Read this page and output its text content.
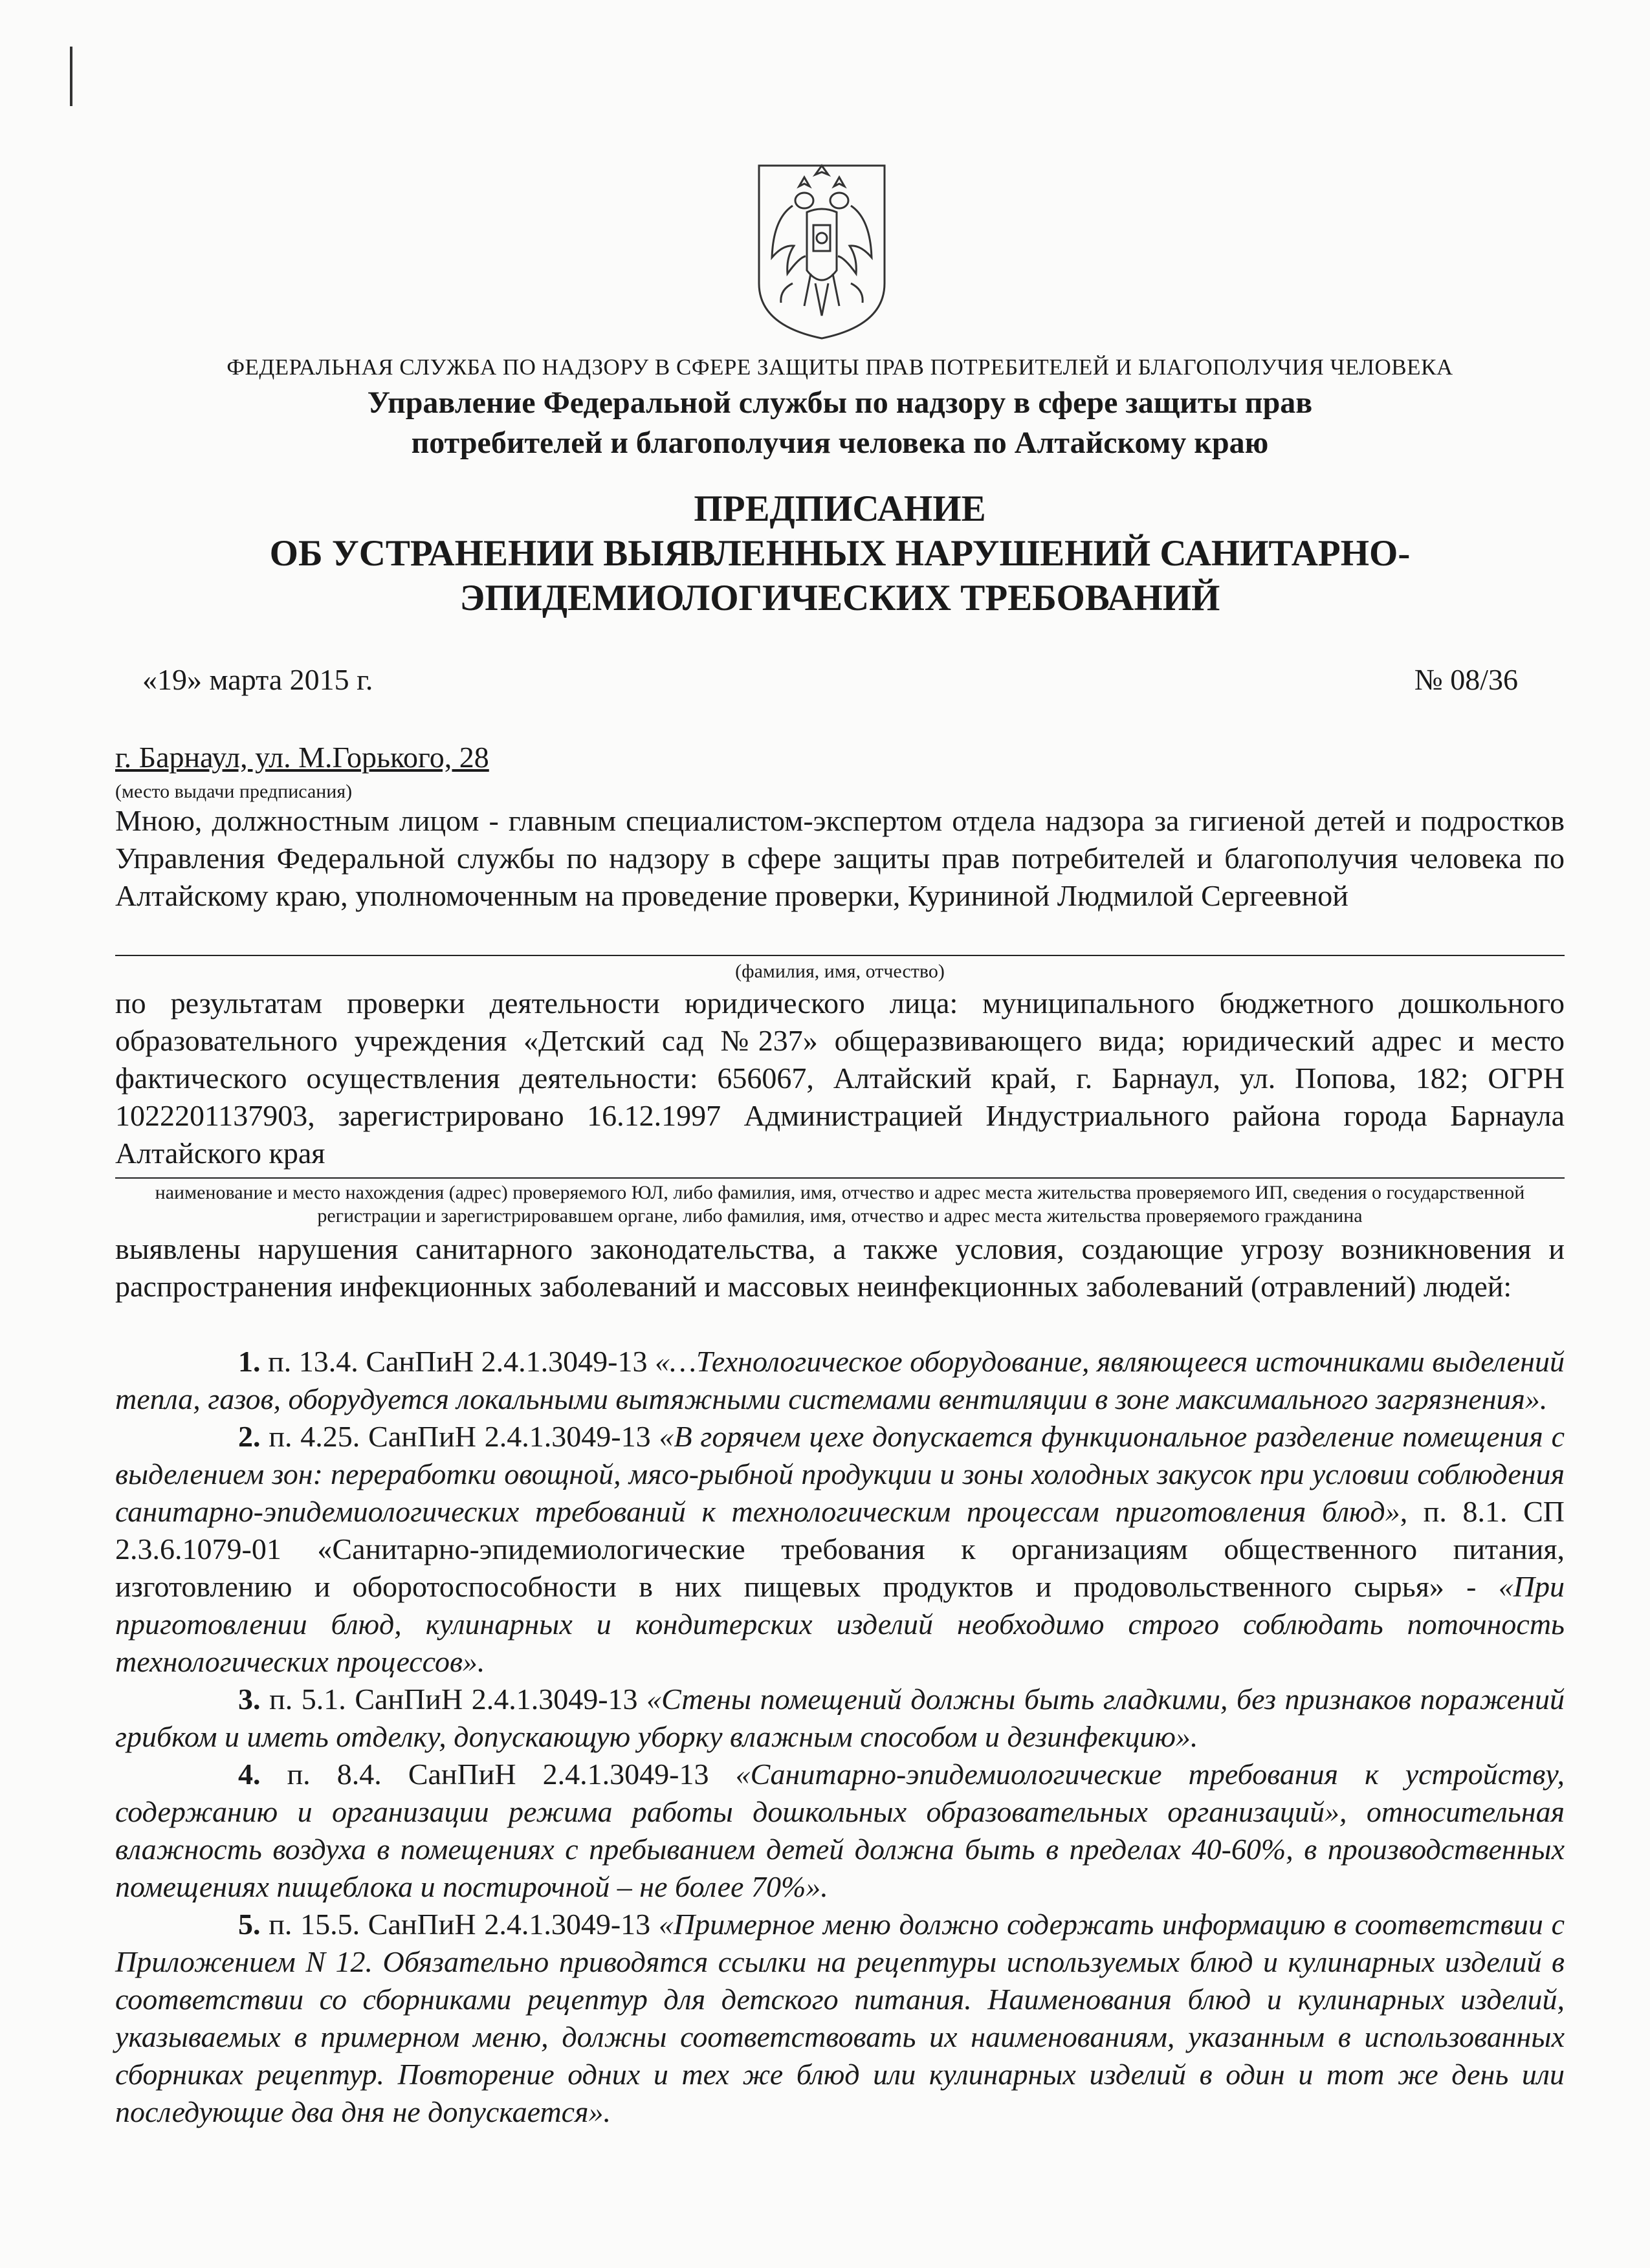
ФЕДЕРАЛЬНАЯ СЛУЖБА ПО НАДЗОРУ В СФЕРЕ ЗАЩИТЫ ПРАВ ПОТРЕБИТЕЛЕЙ И БЛАГОПОЛУЧИЯ ЧЕЛОВЕКА
Управление Федеральной службы по надзору в сфере защиты прав
потребителей и благополучия человека по Алтайскому краю
ПРЕДПИСАНИЕ
ОБ УСТРАНЕНИИ ВЫЯВЛЕННЫХ НАРУШЕНИЙ САНИТАРНО-
ЭПИДЕМИОЛОГИЧЕСКИХ ТРЕБОВАНИЙ
«19» марта 2015 г.	№ 08/36
г. Барнаул, ул. М.Горького, 28
(место выдачи предписания)
Мною, должностным лицом - главным специалистом-экспертом отдела надзора за гигиеной детей и подростков Управления Федеральной службы по надзору в сфере защиты прав потребителей и благополучия человека по Алтайскому краю, уполномоченным на проведение проверки, Курининой Людмилой Сергеевной
(фамилия, имя, отчество)
по результатам проверки деятельности юридического лица: муниципального бюджетного дошкольного образовательного учреждения «Детский сад №237» общеразвивающего вида; юридический адрес и место фактического осуществления деятельности: 656067, Алтайский край, г. Барнаул, ул. Попова, 182; ОГРН 1022201137903, зарегистрировано 16.12.1997 Администрацией Индустриального района города Барнаула Алтайского края
наименование и место нахождения (адрес) проверяемого ЮЛ, либо фамилия, имя, отчество и адрес места жительства проверяемого ИП, сведения о государственной регистрации и зарегистрировавшем органе, либо фамилия, имя, отчество и адрес места жительства проверяемого гражданина
выявлены нарушения санитарного законодательства, а также условия, создающие угрозу возникновения и распространения инфекционных заболеваний и массовых неинфекционных заболеваний (отравлений) людей:

1. п. 13.4. СанПиН 2.4.1.3049-13 «…Технологическое оборудование, являющееся источниками выделений тепла, газов, оборудуется локальными вытяжными системами вентиляции в зоне максимального загрязнения».

2. п. 4.25. СанПиН 2.4.1.3049-13 «В горячем цехе допускается функциональное разделение помещения с выделением зон: переработки овощной, мясо-рыбной продукции и зоны холодных закусок при условии соблюдения санитарно-эпидемиологических требований к технологическим процессам приготовления блюд», п. 8.1. СП 2.3.6.1079-01 «Санитарно-эпидемиологические требования к организациям общественного питания, изготовлению и оборотоспособности в них пищевых продуктов и продовольственного сырья» - «При приготовлении блюд, кулинарных и кондитерских изделий необходимо строго соблюдать поточность технологических процессов».

3. п. 5.1. СанПиН 2.4.1.3049-13 «Стены помещений должны быть гладкими, без признаков поражений грибком и иметь отделку, допускающую уборку влажным способом и дезинфекцию».

4. п. 8.4. СанПиН 2.4.1.3049-13 «Санитарно-эпидемиологические требования к устройству, содержанию и организации режима работы дошкольных образовательных организаций», относительная влажность воздуха в помещениях с пребыванием детей должна быть в пределах 40-60%, в производственных помещениях пищеблока и постирочной – не более 70%».

5. п. 15.5. СанПиН 2.4.1.3049-13 «Примерное меню должно содержать информацию в соответствии с Приложением N 12. Обязательно приводятся ссылки на рецептуры используемых блюд и кулинарных изделий в соответствии со сборниками рецептур для детского питания. Наименования блюд и кулинарных изделий, указываемых в примерном меню, должны соответствовать их наименованиям, указанным в использованных сборниках рецептур. Повторение одних и тех же блюд или кулинарных изделий в один и тот же день или последующие два дня не допускается».
